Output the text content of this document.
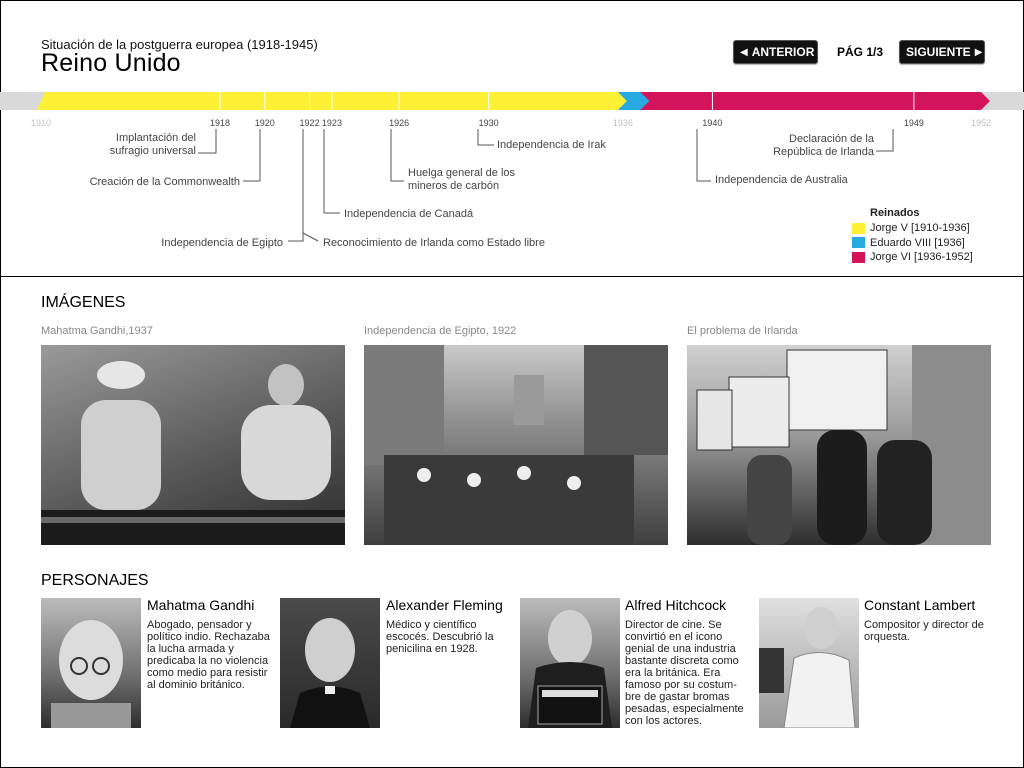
Situación de la postguerra europea (1918-1945)
Reino Unido	◀ ANTERIOR PÁG 1/3 SIGUIENTE ▶
1910	1918	1920	1922 1923	1926	1930	1936	1940	1949	1952
Implantación del
sufragio universal
Creación de la Commonwealth
Independencia de Egipto	Reconocimiento de Irlanda como Estado libre
Independencia de Canadá
Huelga general de los
mineros de carbón
Independencia de Irak
Independencia de Australia
Declaración de la
República de Irlanda
Reinados
Jorge V [1910-1936]
Eduardo VIII [1936]
Jorge VI [1936-1952]
IMÁGENES
Mahatma Gandhi,1937	Independencia de Egipto, 1922	El problema de Irlanda
PERSONAJES
Mahatma Gandhi
Abogado, pensador y
político indio. Rechazaba
la lucha armada y
predicaba la no violencia
como medio para resistir
al dominio británico.
Alexander Fleming
Médico y científico
escocés. Descubrió la
penicilina en 1928.
Alfred Hitchcock
Director de cine. Se
convirtió en el icono
genial de una industria
bastante discreta como
era la británica. Era
famoso por su costum-
bre de gastar bromas
pesadas, especialmente
con los actores.
Constant Lambert
Compositor y director de
orquesta.
